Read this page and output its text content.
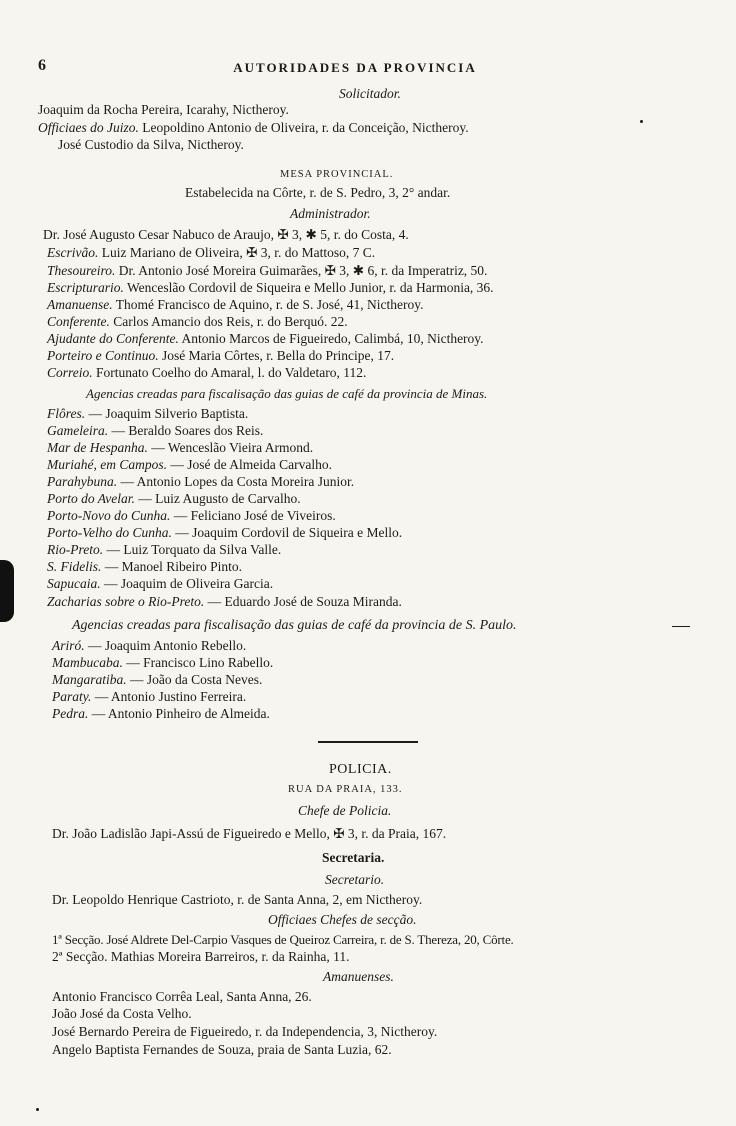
6	AUTORIDADES DA PROVINCIA
Solicitador.
Joaquim da Rocha Pereira, Icarahy, Nictheroy.
Officiaes do Juizo. Leopoldino Antonio de Oliveira, r. da Conceição, Nictheroy.
José Custodio da Silva, Nictheroy.
MESA PROVINCIAL.
Estabelecida na Côrte, r. de S. Pedro, 3, 2° andar.
Administrador.
Dr. José Augusto Cesar Nabuco de Araujo, ✠ 3, ✱ 5, r. do Costa, 4.
Escrivão. Luiz Mariano de Oliveira, ✠ 3, r. do Mattoso, 7 C.
Thesoureiro. Dr. Antonio José Moreira Guimarães, ✠ 3, ✱ 6, r. da Imperatriz, 50.
Escripturario. Wenceslão Cordovil de Siqueira e Mello Junior, r. da Harmonia, 36.
Amanuense. Thomé Francisco de Aquino, r. de S. José, 41, Nictheroy.
Conferente. Carlos Amancio dos Reis, r. do Berquó. 22.
Ajudante do Conferente. Antonio Marcos de Figueiredo, Calimbá, 10, Nictheroy.
Porteiro e Continuo. José Maria Côrtes, r. Bella do Principe, 17.
Correio. Fortunato Coelho do Amaral, l. do Valdetaro, 112.
Agencias creadas para fiscalisação das guias de café da provincia de Minas.
Flôres. — Joaquim Silverio Baptista.
Gameleira. — Beraldo Soares dos Reis.
Mar de Hespanha. — Wenceslão Vieira Armond.
Muriahé, em Campos. — José de Almeida Carvalho.
Parahybuna. — Antonio Lopes da Costa Moreira Junior.
Porto do Avelar. — Luiz Augusto de Carvalho.
Porto-Novo do Cunha. — Feliciano José de Viveiros.
Porto-Velho do Cunha. — Joaquim Cordovil de Siqueira e Mello.
Rio-Preto. — Luiz Torquato da Silva Valle.
S. Fidelis. — Manoel Ribeiro Pinto.
Sapucaia. — Joaquim de Oliveira Garcia.
Zacharias sobre o Rio-Preto. — Eduardo José de Souza Miranda.
Agencias creadas para fiscalisação das guias de café da provincia de S. Paulo.
Ariró. — Joaquim Antonio Rebello.
Mambucaba. — Francisco Lino Rabello.
Mangaratiba. — João da Costa Neves.
Paraty. — Antonio Justino Ferreira.
Pedra. — Antonio Pinheiro de Almeida.
POLICIA.
RUA DA PRAIA, 133.
Chefe de Policia.
Dr. João Ladislão Japi-Assú de Figueiredo e Mello, ✠ 3, r. da Praia, 167.
Secretaria.
Secretario.
Dr. Leopoldo Henrique Castrioto, r. de Santa Anna, 2, em Nictheroy.
Officiaes Chefes de secção.
1ª Secção. José Aldrete Del-Carpio Vasques de Queiroz Carreira, r. de S. Thereza, 20, Côrte.
2ª Secção. Mathias Moreira Barreiros, r. da Rainha, 11.
Amanuenses.
Antonio Francisco Corrêa Leal, Santa Anna, 26.
João José da Costa Velho.
José Bernardo Pereira de Figueiredo, r. da Independencia, 3, Nictheroy.
Angelo Baptista Fernandes de Souza, praia de Santa Luzia, 62.
